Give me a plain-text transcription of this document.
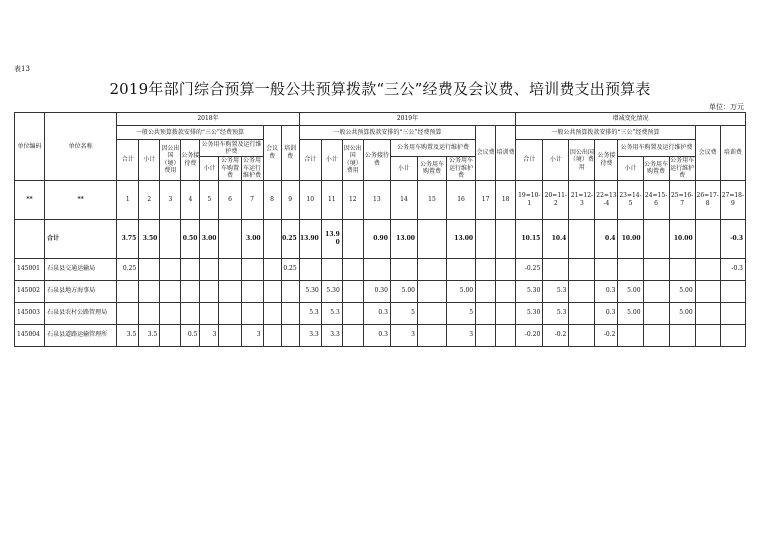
表13
2019年部门综合预算一般公共预算拨款“三公”经费及会议费、培训费支出预算表
单位：万元
单位编码	单位名称	2018年									2019年									增减变化情况								
		一般公共预算拨款安排的“三公”经费预算							会议费	培训费	一般公共预算拨款安排的“三公”经费预算							会议费	培训费	一般公共预算拨款安排的“三公”经费预算							会议费	培训费
		合计	小计	因公出国（境）费用	公务接待费	公务用车购置及运行维护费					合计	小计	因公出国（境）费用	公务接待费	公务用车购置及运行维护费					合计	小计	因公出国（境）费用	公务接待费	公务用车购置及运行维护费				
						小计	公务用车购置费	公务用车运行维护费							小计	公务用车购置费	公务用车运行维护费							小计	公务用车购置费	公务用车运行维护费		
**	**	1	2	3	4	5	6	7	8	9	10	11	12	13	14	15	16	17	18	19=10-1	20=11-2	21=12-3	22=13-4	23=14-5	24=15-6	25=16-7	26=17-8	27=18-9
	合计	3.75	3.50		0.50	3.00		3.00		0.25	13.90	13.90		0.90	13.00		13.00			10.15	10.4		0.4	10.00		10.00		-0.3
145001	石泉县交通运输局	0.25								0.25										-0.25								-0.3
145002	石泉县地方海事局										5.30	5.30		0.30	5.00		5.00			5.30	5.3		0.3	5.00		5.00		
145003	石泉县农村公路管理局										5.3	5.3		0.3	5		5			5.30	5.3		0.3	5.00		5.00		
145004	石泉县道路运输管理所	3.5	3.5		0.5	3		3			3.3	3.3		0.3	3		3			-0.20	-0.2		-0.2					
